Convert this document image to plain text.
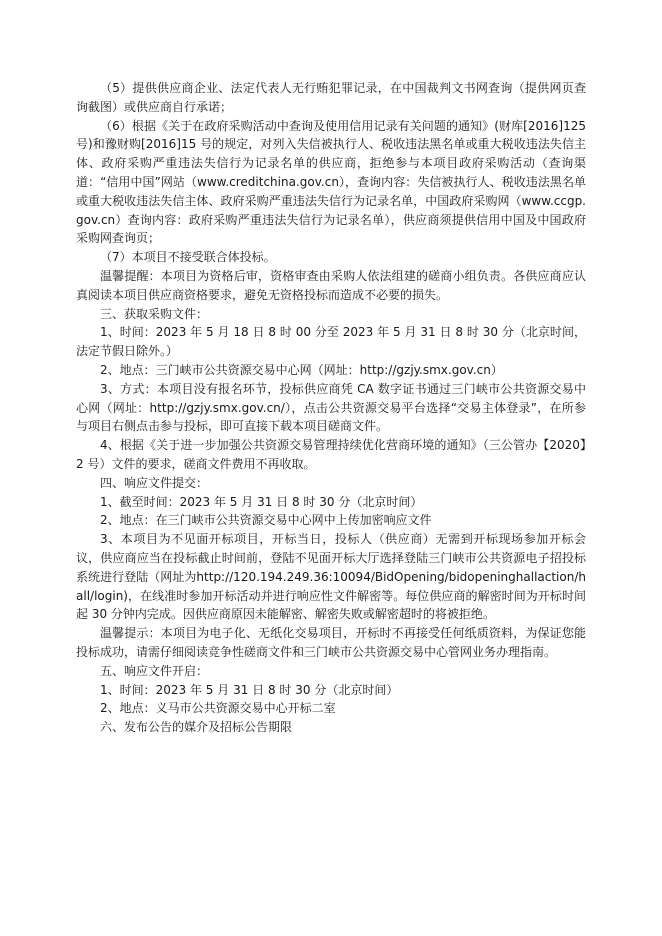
（5）提供供应商企业、法定代表人无行贿犯罪记录，在中国裁判文书网查询（提供网页查询截图）或供应商自行承诺；

（6）根据《关于在政府采购活动中查询及使用信用记录有关问题的通知》(财库[2016]125 号)和豫财购[2016]15 号的规定，对列入失信被执行人、税收违法黑名单或重大税收违法失信主体、政府采购严重违法失信行为记录名单的供应商，拒绝参与本项目政府采购活动（查询渠道：“信用中国”网站（www.creditchina.gov.cn），查询内容：失信被执行人、税收违法黑名单或重大税收违法失信主体、政府采购严重违法失信行为记录名单，中国政府采购网（www.ccgp.gov.cn）查询内容：政府采购严重违法失信行为记录名单），供应商须提供信用中国及中国政府采购网查询页；

（7）本项目不接受联合体投标。

温馨提醒：本项目为资格后审，资格审查由采购人依法组建的磋商小组负责。各供应商应认真阅读本项目供应商资格要求，避免无资格投标而造成不必要的损失。

三、获取采购文件：

1、时间：2023 年 5 月 18 日 8 时 00 分至 2023 年 5 月 31 日 8 时 30 分（北京时间，法定节假日除外。）

2、地点：三门峡市公共资源交易中心网（网址：http://gzjy.smx.gov.cn）

3、方式：本项目没有报名环节，投标供应商凭 CA 数字证书通过三门峡市公共资源交易中心网（网址：http://gzjy.smx.gov.cn/），点击公共资源交易平台选择“交易主体登录”，在所参与项目右侧点击参与投标，即可直接下载本项目磋商文件。

4、根据《关于进一步加强公共资源交易管理持续优化营商环境的通知》（三公管办【2020】2 号）文件的要求，磋商文件费用不再收取。

四、响应文件提交：

1、截至时间：2023 年 5 月 31 日 8 时 30 分（北京时间）

2、地点：在三门峡市公共资源交易中心网中上传加密响应文件

3、本项目为不见面开标项目，开标当日，投标人（供应商）无需到开标现场参加开标会议，供应商应当在投标截止时间前，登陆不见面开标大厅选择登陆三门峡市公共资源电子招投标系统进行登陆（网址为http://120.194.249.36:10094/BidOpening/bidopeninghallaction/hall/login)，在线准时参加开标活动并进行响应性文件解密等。每位供应商的解密时间为开标时间起 30 分钟内完成。因供应商原因未能解密、解密失败或解密超时的将被拒绝。

温馨提示：本项目为电子化、无纸化交易项目，开标时不再接受任何纸质资料，为保证您能投标成功，请需仔细阅读竞争性磋商文件和三门峡市公共资源交易中心管网业务办理指南。

五、响应文件开启：

1、时间：2023 年 5 月 31 日 8 时 30 分（北京时间）

2、地点：义马市公共资源交易中心开标二室

六、发布公告的媒介及招标公告期限
